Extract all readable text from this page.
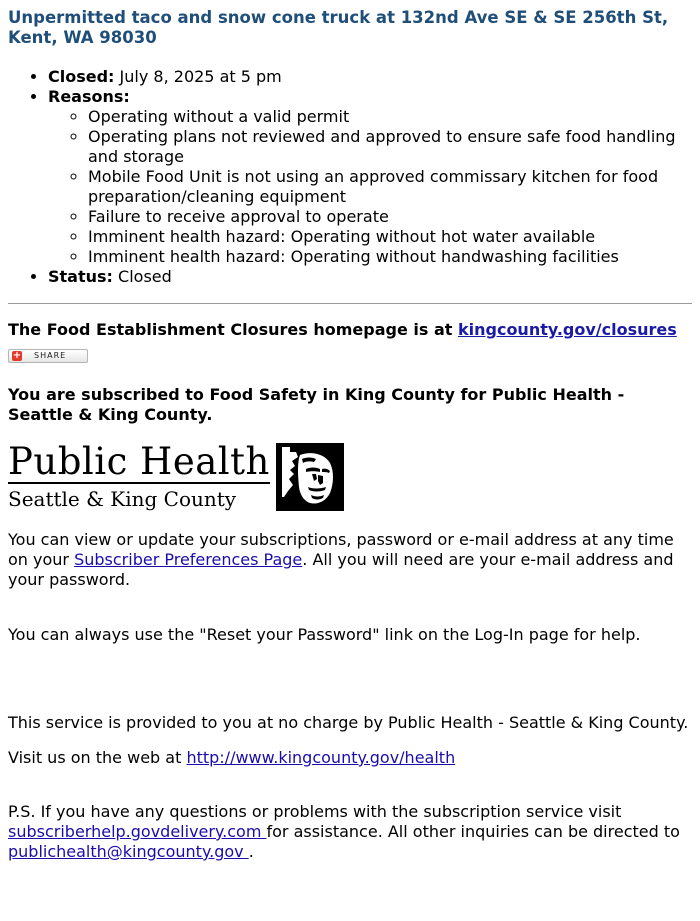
Unpermitted taco and snow cone truck at 132nd Ave SE & SE 256th St, Kent, WA 98030
• Closed: July 8, 2025 at 5 pm
• Reasons:
◦ Operating without a valid permit
◦ Operating plans not reviewed and approved to ensure safe food handling and storage
◦ Mobile Food Unit is not using an approved commissary kitchen for food preparation/cleaning equipment
◦ Failure to receive approval to operate
◦ Imminent health hazard: Operating without hot water available
◦ Imminent health hazard: Operating without handwashing facilities
• Status: Closed

The Food Establishment Closures homepage is at kingcounty.gov/closures

+ SHARE

You are subscribed to Food Safety in King County for Public Health - Seattle & King County.

Public Health
Seattle & King County

You can view or update your subscriptions, password or e-mail address at any time on your Subscriber Preferences Page. All you will need are your e-mail address and your password.

You can always use the "Reset your Password" link on the Log-In page for help.

This service is provided to you at no charge by Public Health - Seattle & King County.

Visit us on the web at http://www.kingcounty.gov/health

P.S. If you have any questions or problems with the subscription service visit subscriberhelp.govdelivery.com for assistance. All other inquiries can be directed to publichealth@kingcounty.gov .
